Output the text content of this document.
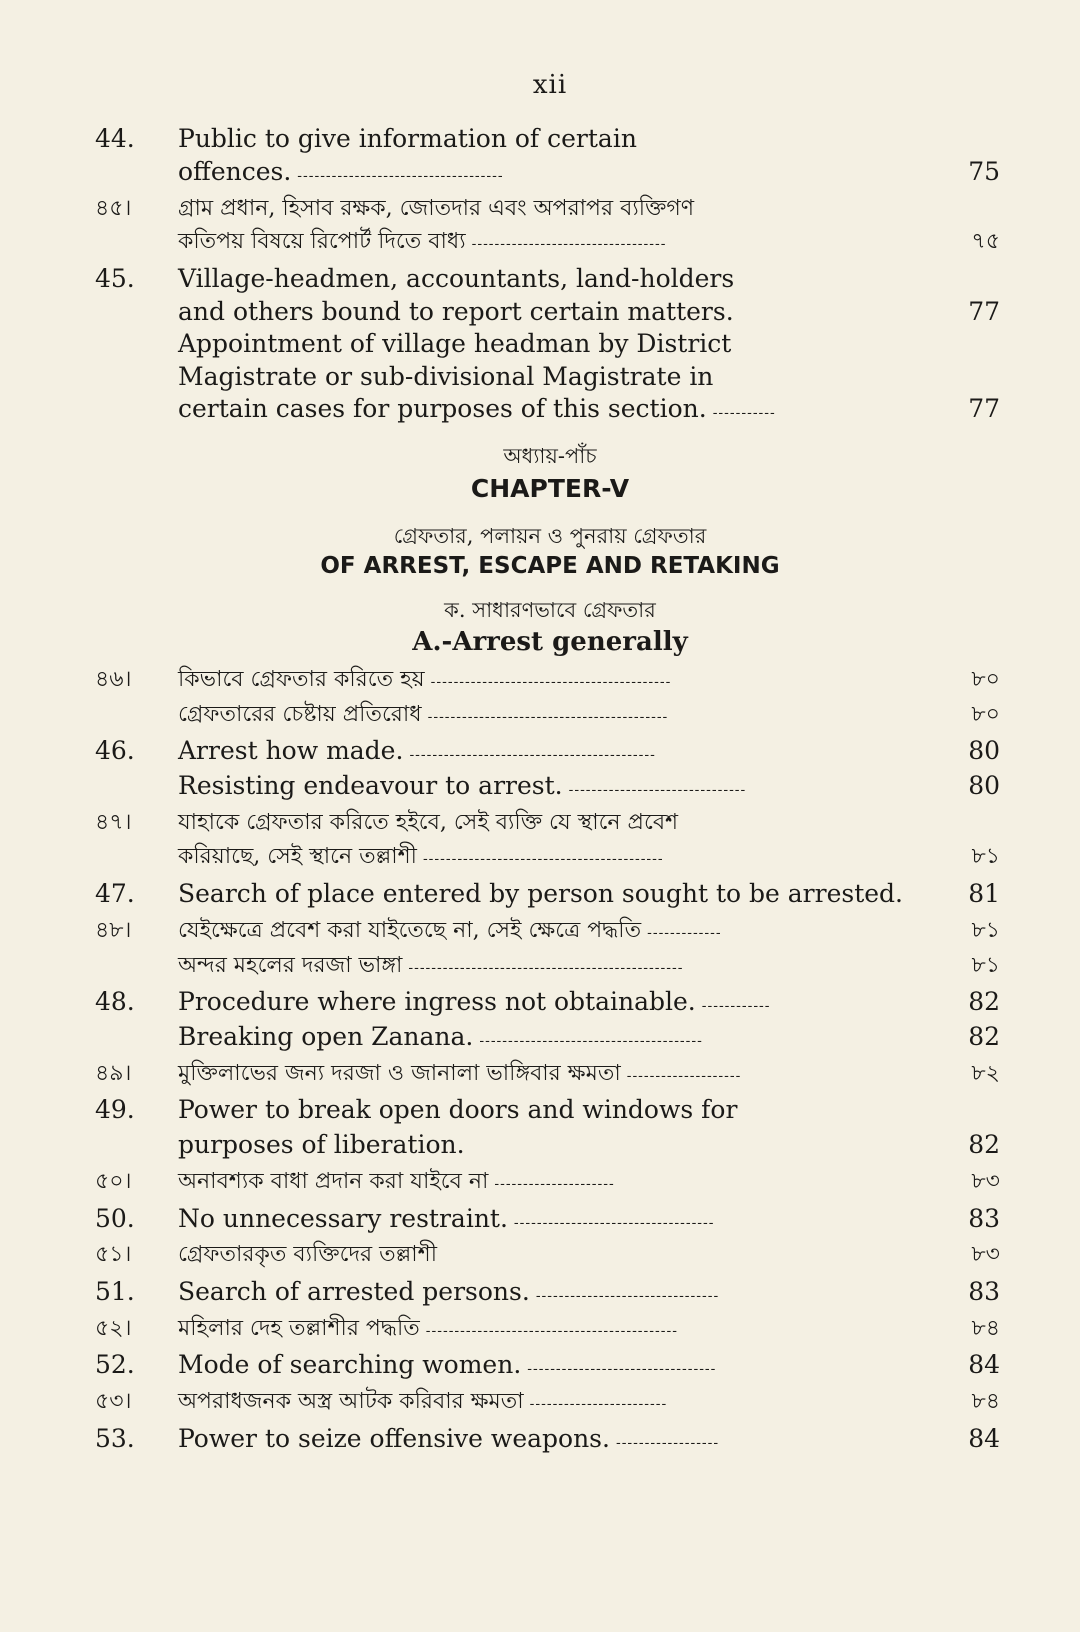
xii
44. Public to give information of certain
offences. ------------------------------------	75
৪৫। গ্রাম প্রধান, হিসাব রক্ষক, জোতদার এবং অপরাপর ব্যক্তিগণ
কতিপয় বিষয়ে রিপোর্ট দিতে বাধ্য ----------------------------------	৭৫
45. Village-headmen, accountants, land-holders
and others bound to report certain matters.	77
Appointment of village headman by District
Magistrate or sub-divisional Magistrate in
certain cases for purposes of this section. -----------	77
অধ্যায়-পাঁচ
CHAPTER-V
গ্রেফতার, পলায়ন ও পুনরায় গ্রেফতার
OF ARREST, ESCAPE AND RETAKING
ক. সাধারণভাবে গ্রেফতার
A.-Arrest generally
৪৬। কিভাবে গ্রেফতার করিতে হয় ------------------------------------------	৮০
গ্রেফতারের চেষ্টায় প্রতিরোধ ------------------------------------------	৮০
46. Arrest how made. -------------------------------------------	80
Resisting endeavour to arrest. -------------------------------	80
৪৭। যাহাকে গ্রেফতার করিতে হইবে, সেই ব্যক্তি যে স্থানে প্রবেশ
করিয়াছে, সেই স্থানে তল্লাশী ------------------------------------------	৮১
47. Search of place entered by person sought to be arrested.	81
৪৮। যেইক্ষেত্রে প্রবেশ করা যাইতেছে না, সেই ক্ষেত্রে পদ্ধতি -------------	৮১
অন্দর মহলের দরজা ভাঙ্গা ------------------------------------------------	৮১
48. Procedure where ingress not obtainable. ------------	82
Breaking open Zanana. ---------------------------------------	82
৪৯। মুক্তিলাভের জন্য দরজা ও জানালা ভাঙ্গিবার ক্ষমতা --------------------	৮২
49. Power to break open doors and windows for
purposes of liberation.	82
৫০। অনাবশ্যক বাধা প্রদান করা যাইবে না ---------------------	৮৩
50. No unnecessary restraint. -----------------------------------	83
৫১। গ্রেফতারকৃত ব্যক্তিদের তল্লাশী	৮৩
51. Search of arrested persons. --------------------------------	83
৫২। মহিলার দেহ তল্লাশীর পদ্ধতি --------------------------------------------	৮৪
52. Mode of searching women. ---------------------------------	84
৫৩। অপরাধজনক অস্ত্র আটক করিবার ক্ষমতা ------------------------	৮৪
53. Power to seize offensive weapons. ------------------	84
